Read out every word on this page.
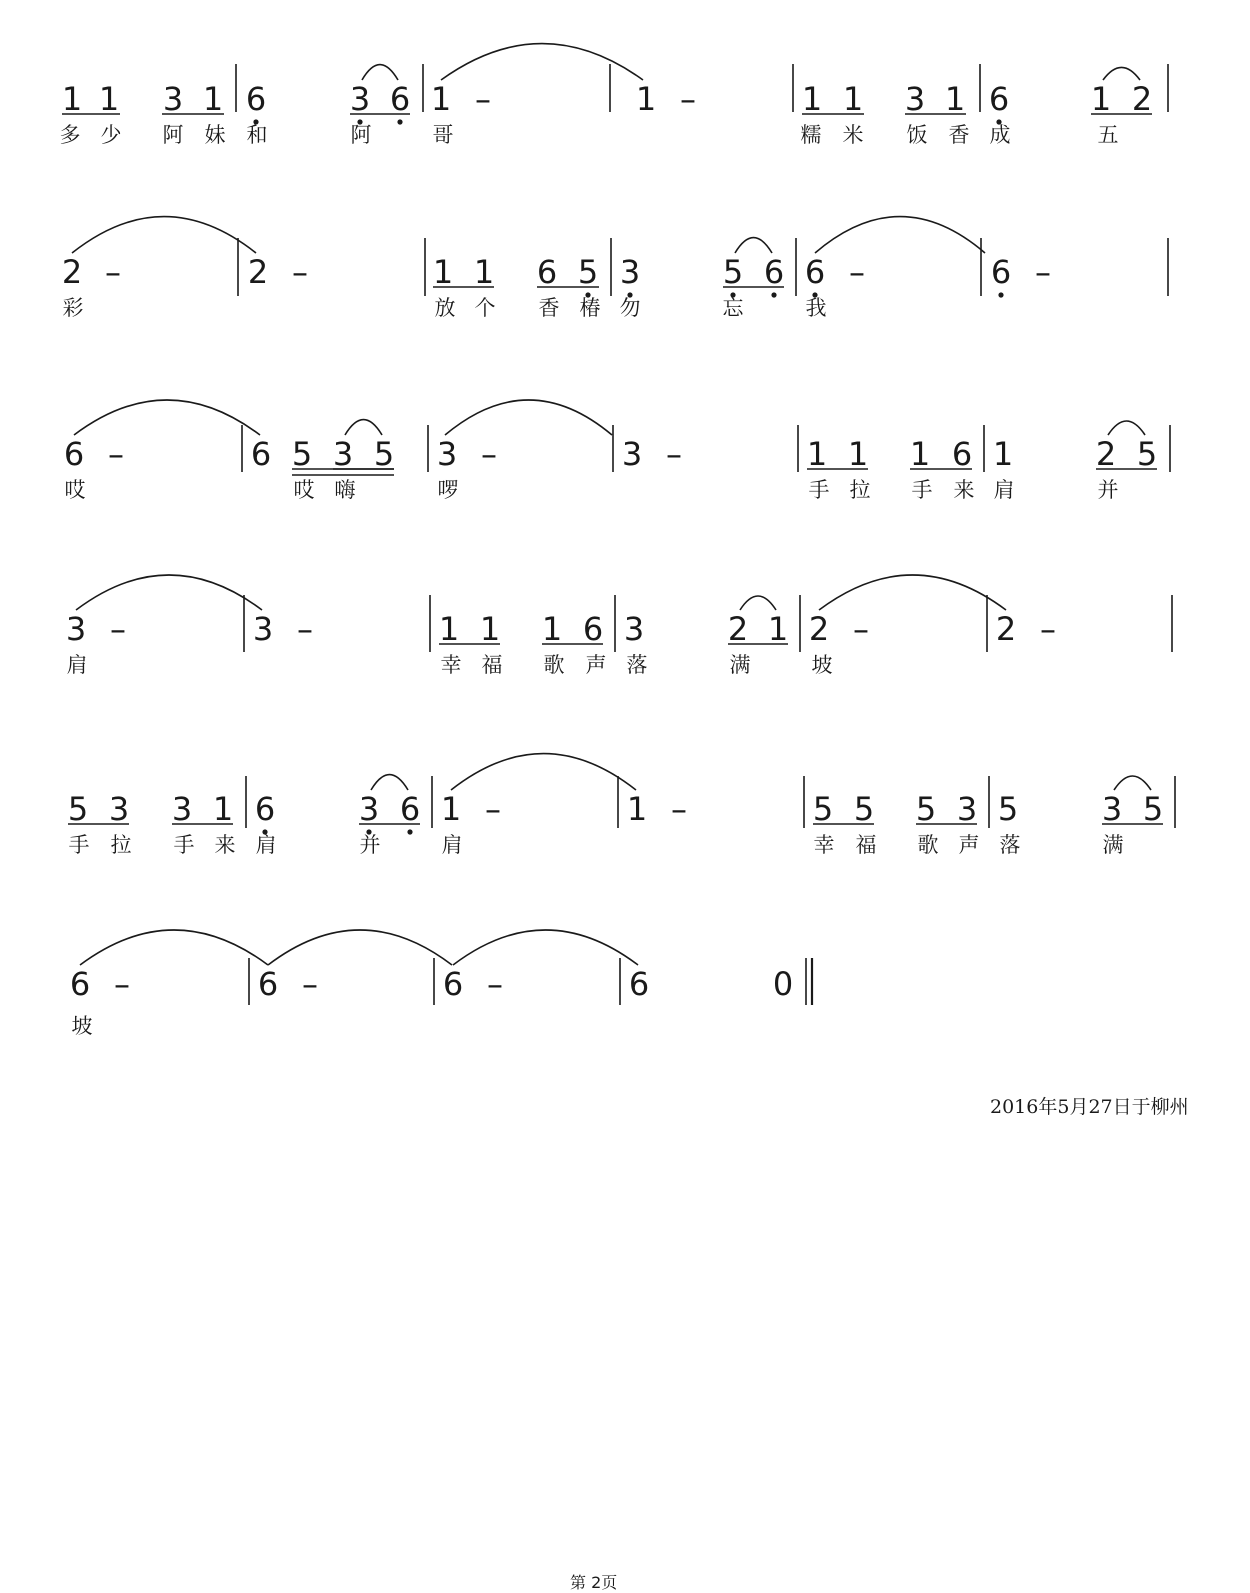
1 1 3 1 6	3 6 1 –	1 –	1 1 3 1 6	1 2
多 少 阿 妹 和	阿	哥	糯 米 饭 香 成	五
2 –	2 –	1 1 6 5 3	5 6 6 –	6 –
彩	放 个 香 椿 勿	忘	我
6 –	6 5 3 5 3 –	3 –	1 1 1 6 1	2 5
哎	哎 嗨	啰	手 拉 手 来 肩	并
3 –	3 –	1 1 1 6 3	2 1 2 –	2 –
肩	幸 福 歌 声 落	满	坡
5 3 3 1 6	3 6 1 –	1 –	5 5 5 3 5	3 5
手 拉 手 来 肩	并	肩	幸 福 歌 声 落	满
6 –	6 –	6 –	6	0
坡
2016年5月27日于柳州
第 2页
